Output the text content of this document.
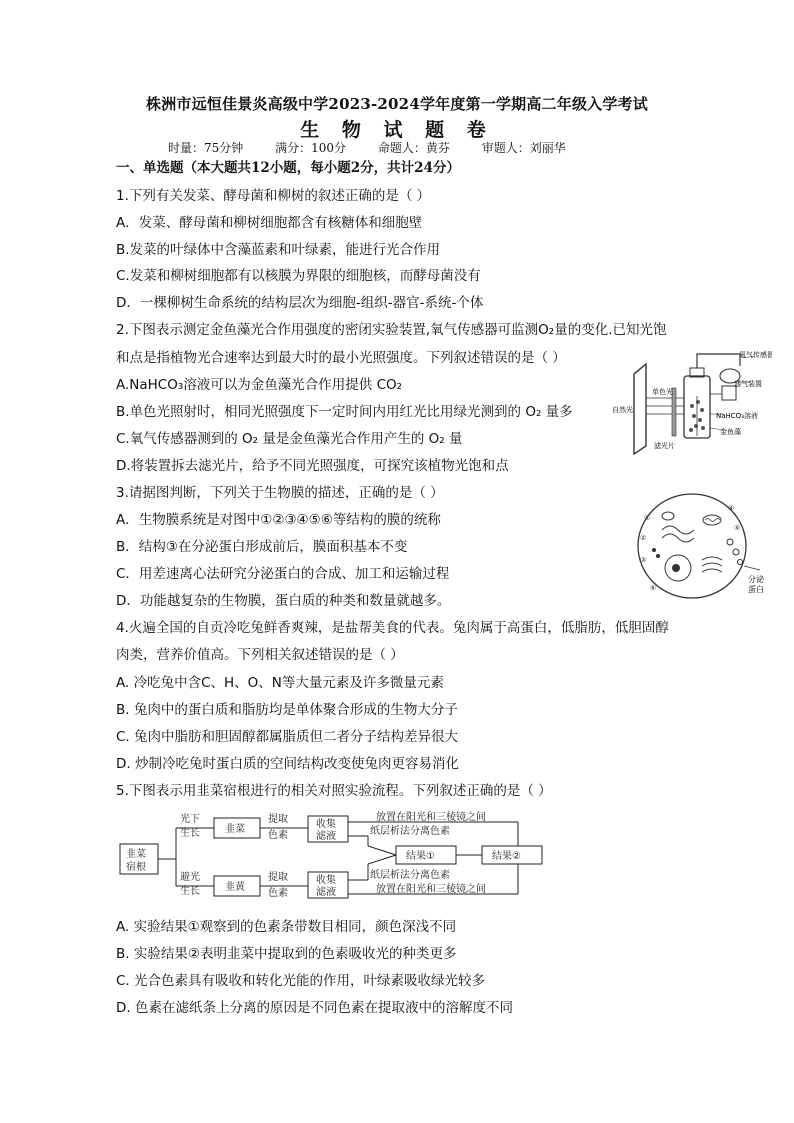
株洲市远恒佳景炎高级中学2023-2024学年度第一学期高二年级入学考试
生 物 试 题 卷
时量：75分钟	满分：100分	命题人：黄芬	审题人：刘丽华
一、单选题（本大题共12小题，每小题2分，共计24分）
1.下列有关发菜、酵母菌和柳树的叙述正确的是（ ）
A．发菜、酵母菌和柳树细胞都含有核糖体和细胞壁
B.发菜的叶绿体中含藻蓝素和叶绿素，能进行光合作用
C.发菜和柳树细胞都有以核膜为界限的细胞核，而酵母菌没有
D．一棵柳树生命系统的结构层次为细胞-组织-器官-系统-个体
2.下图表示测定金鱼藻光合作用强度的密闭实验装置,氧气传感器可监测O₂量的变化.已知光饱
和点是指植物光合速率达到最大时的最小光照强度。下列叙述错误的是（ ）
A.NaHCO₃溶液可以为金鱼藻光合作用提供 CO₂
B.单色光照射时，相同光照强度下一定时间内用红光比用绿光测到的 O₂ 量多
C.氧气传感器测到的 O₂ 量是金鱼藻光合作用产生的 O₂ 量
D.将装置拆去滤光片，给予不同光照强度，可探究该植物光饱和点
氧气传感器
盛气装置
NaHCO₃溶液
金鱼藻
自然光
单色光
滤光片
3.请据图判断，下列关于生物膜的描述，正确的是（ ）
A．生物膜系统是对图中①②③④⑤⑥等结构的膜的统称
B．结构③在分泌蛋白形成前后，膜面积基本不变
C．用差速离心法研究分泌蛋白的合成、加工和运输过程
D．功能越复杂的生物膜，蛋白质的种类和数量就越多。
分泌
蛋白
①
②
③
④
⑤
⑥
4.火遍全国的自贡冷吃兔鲜香爽辣，是盐帮美食的代表。兔肉属于高蛋白，低脂肪，低胆固醇
肉类，营养价值高。下列相关叙述错误的是（ ）
A. 冷吃兔中含C、H、O、N等大量元素及许多微量元素
B. 兔肉中的蛋白质和脂肪均是单体聚合形成的生物大分子
C. 兔肉中脂肪和胆固醇都属脂质但二者分子结构差异很大
D. 炒制冷吃兔时蛋白质的空间结构改变使兔肉更容易消化
5.下图表示用韭菜宿根进行的相关对照实验流程。下列叙述正确的是（ ）
韭菜
宿根
光下
生长	韭菜
提取
色素
收集
滤液
放置在阳光和三棱镜之间
纸层析法分离色素
结果①	结果②
避光
生长	韭黄
提取
色素
收集
滤液
纸层析法分离色素
放置在阳光和三棱镜之间
A. 实验结果①观察到的色素条带数目相同，颜色深浅不同
B. 实验结果②表明韭菜中提取到的色素吸收光的种类更多
C. 光合色素具有吸收和转化光能的作用，叶绿素吸收绿光较多
D. 色素在滤纸条上分离的原因是不同色素在提取液中的溶解度不同
